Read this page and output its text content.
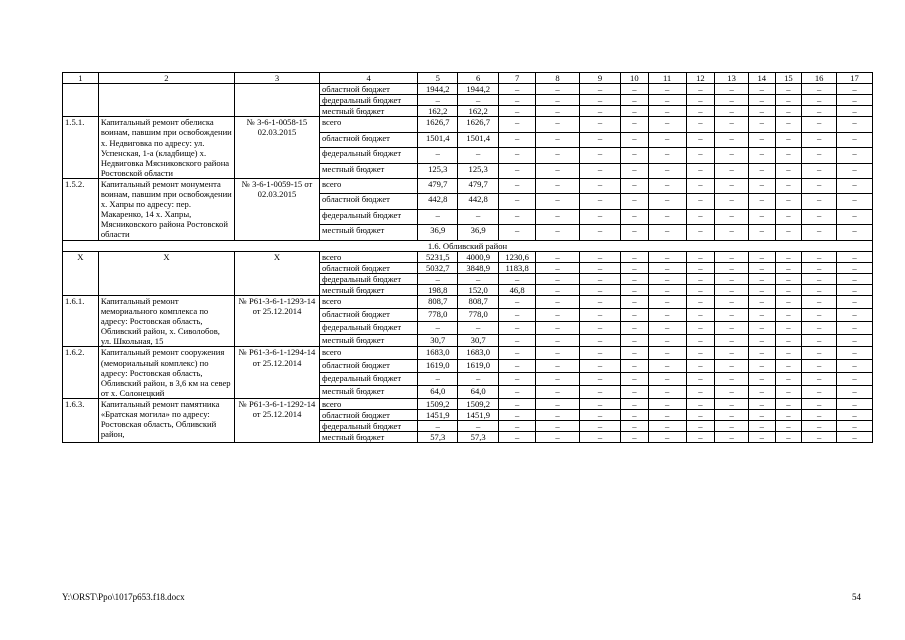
1	2	3	4	5	6	7	8	9	10	11	12	13	14	15	16	17
			областной бюджет	1944,2	1944,2	–	–	–	–	–	–	–	–	–	–	–
			федеральный бюджет	–	–	–	–	–	–	–	–	–	–	–	–	–
			местный бюджет	162,2	162,2	–	–	–	–	–	–	–	–	–	–	–
1.5.1.	Капитальный ремонт обелиска воинам, павшим при освобождении х. Недвиговка по адресу: ул. Успенская, 1-а (кладбище) х. Недвиговка Мясниковского района Ростовской области	№ 3-6-1-0058-15 02.03.2015	всего	1626,7	1626,7	–	–	–	–	–	–	–	–	–	–	–
			областной бюджет	1501,4	1501,4	–	–	–	–	–	–	–	–	–	–	–
			федеральный бюджет	–	–	–	–	–	–	–	–	–	–	–	–	–
			местный бюджет	125,3	125,3	–	–	–	–	–	–	–	–	–	–	–
1.5.2.	Капитальный ремонт монумента воинам, павшим при освобождении х. Хапры по адресу: пер. Макаренко, 14 х. Хапры, Мясниковского района Ростовской области	№ 3-6-1-0059-15 от 02.03.2015	всего	479,7	479,7	–	–	–	–	–	–	–	–	–	–	–
			областной бюджет	442,8	442,8	–	–	–	–	–	–	–	–	–	–	–
			федеральный бюджет	–	–	–	–	–	–	–	–	–	–	–	–	–
			местный бюджет	36,9	36,9	–	–	–	–	–	–	–	–	–	–	–
1.6. Обливский район																
Х	Х	Х	всего	5231,5	4000,9	1230,6	–	–	–	–	–	–	–	–	–	–
			областной бюджет	5032,7	3848,9	1183,8	–	–	–	–	–	–	–	–	–	–
			федеральный бюджет	–	–	–	–	–	–	–	–	–	–	–	–	–
			местный бюджет	198,8	152,0	46,8	–	–	–	–	–	–	–	–	–	–
1.6.1.	Капитальный ремонт мемориального комплекса по адресу: Ростовская область, Обливский район, х. Сиволобов, ул. Школьная, 15	№ Р61-3-6-1-1293-14 от 25.12.2014	всего	808,7	808,7	–	–	–	–	–	–	–	–	–	–	–
			областной бюджет	778,0	778,0	–	–	–	–	–	–	–	–	–	–	–
			федеральный бюджет	–	–	–	–	–	–	–	–	–	–	–	–	–
			местный бюджет	30,7	30,7	–	–	–	–	–	–	–	–	–	–	–
1.6.2.	Капитальный ремонт сооружения (мемориальный комплекс) по адресу: Ростовская область, Обливский район, в 3,6 км на север от х. Солонецкий	№ Р61-3-6-1-1294-14 от 25.12.2014	всего	1683,0	1683,0	–	–	–	–	–	–	–	–	–	–	–
			областной бюджет	1619,0	1619,0	–	–	–	–	–	–	–	–	–	–	–
			федеральный бюджет	–	–	–	–	–	–	–	–	–	–	–	–	–
			местный бюджет	64,0	64,0	–	–	–	–	–	–	–	–	–	–	–
1.6.3.	Капитальный ремонт памятника «Братская могила» по адресу: Ростовская область, Обливский район,	№ Р61-3-6-1-1292-14 от 25.12.2014	всего	1509,2	1509,2	–	–	–	–	–	–	–	–	–	–	–
			областной бюджет	1451,9	1451,9	–	–	–	–	–	–	–	–	–	–	–
			федеральный бюджет	–	–	–	–	–	–	–	–	–	–	–	–	–
			местный бюджет	57,3	57,3	–	–	–	–	–	–	–	–	–	–	–
Y:\ORST\Ppo\1017p653.f18.docx	54
